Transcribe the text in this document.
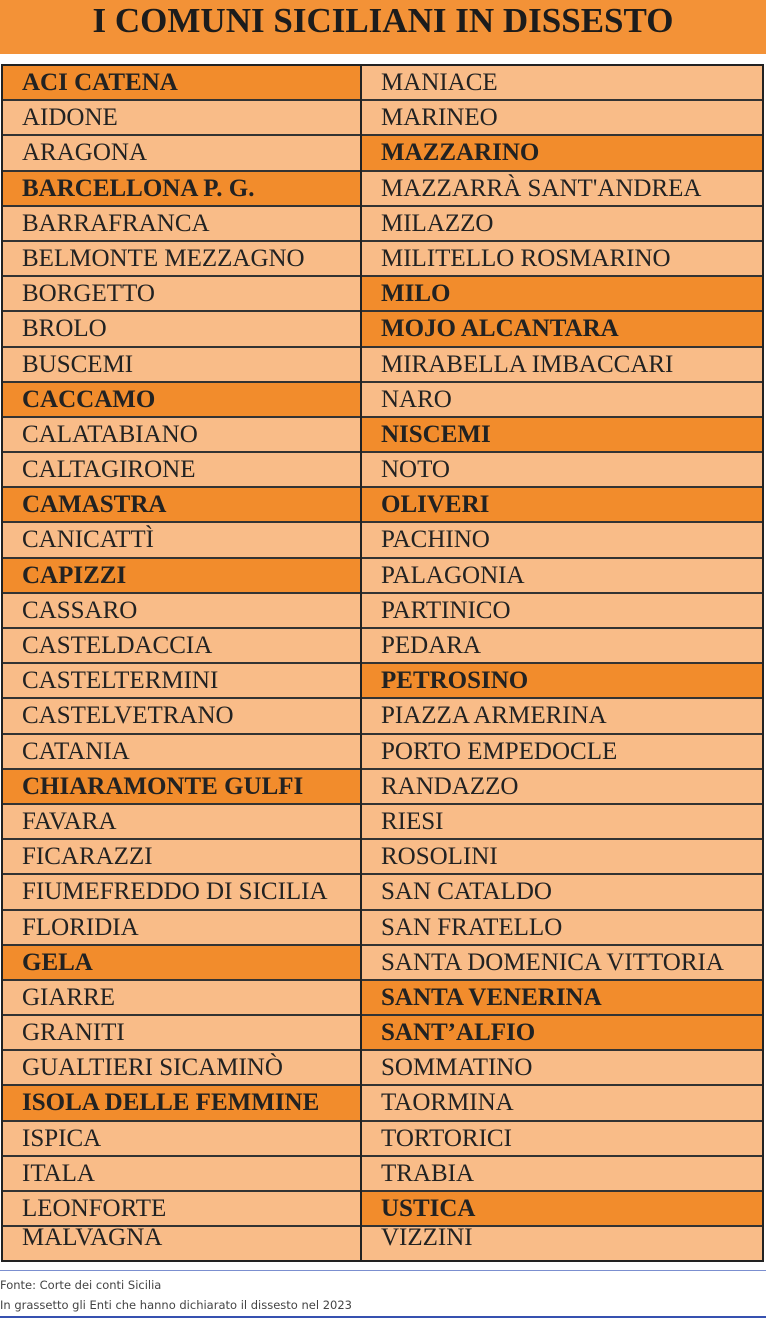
I COMUNI SICILIANI IN DISSESTO
ACI CATENA
AIDONE
ARAGONA
BARCELLONA P. G.
BARRAFRANCA
BELMONTE MEZZAGNO
BORGETTO
BROLO
BUSCEMI
CACCAMO
CALATABIANO
CALTAGIRONE
CAMASTRA
CANICATTÌ
CAPIZZI
CASSARO
CASTELDACCIA
CASTELTERMINI
CASTELVETRANO
CATANIA
CHIARAMONTE GULFI
FAVARA
FICARAZZI
FIUMEFREDDO DI SICILIA
FLORIDIA
GELA
GIARRE
GRANITI
GUALTIERI SICAMINÒ
ISOLA DELLE FEMMINE
ISPICA
ITALA
LEONFORTE
MALVAGNA
MANIACE
MARINEO
MAZZARINO
MAZZARRÀ SANT'ANDREA
MILAZZO
MILITELLO ROSMARINO
MILO
MOJO ALCANTARA
MIRABELLA IMBACCARI
NARO
NISCEMI
NOTO
OLIVERI
PACHINO
PALAGONIA
PARTINICO
PEDARA
PETROSINO
PIAZZA ARMERINA
PORTO EMPEDOCLE
RANDAZZO
RIESI
ROSOLINI
SAN CATALDO
SAN FRATELLO
SANTA DOMENICA VITTORIA
SANTA VENERINA
SANT’ALFIO
SOMMATINO
TAORMINA
TORTORICI
TRABIA
USTICA
VIZZINI
Fonte: Corte dei conti Sicilia
In grassetto gli Enti che hanno dichiarato il dissesto nel 2023
